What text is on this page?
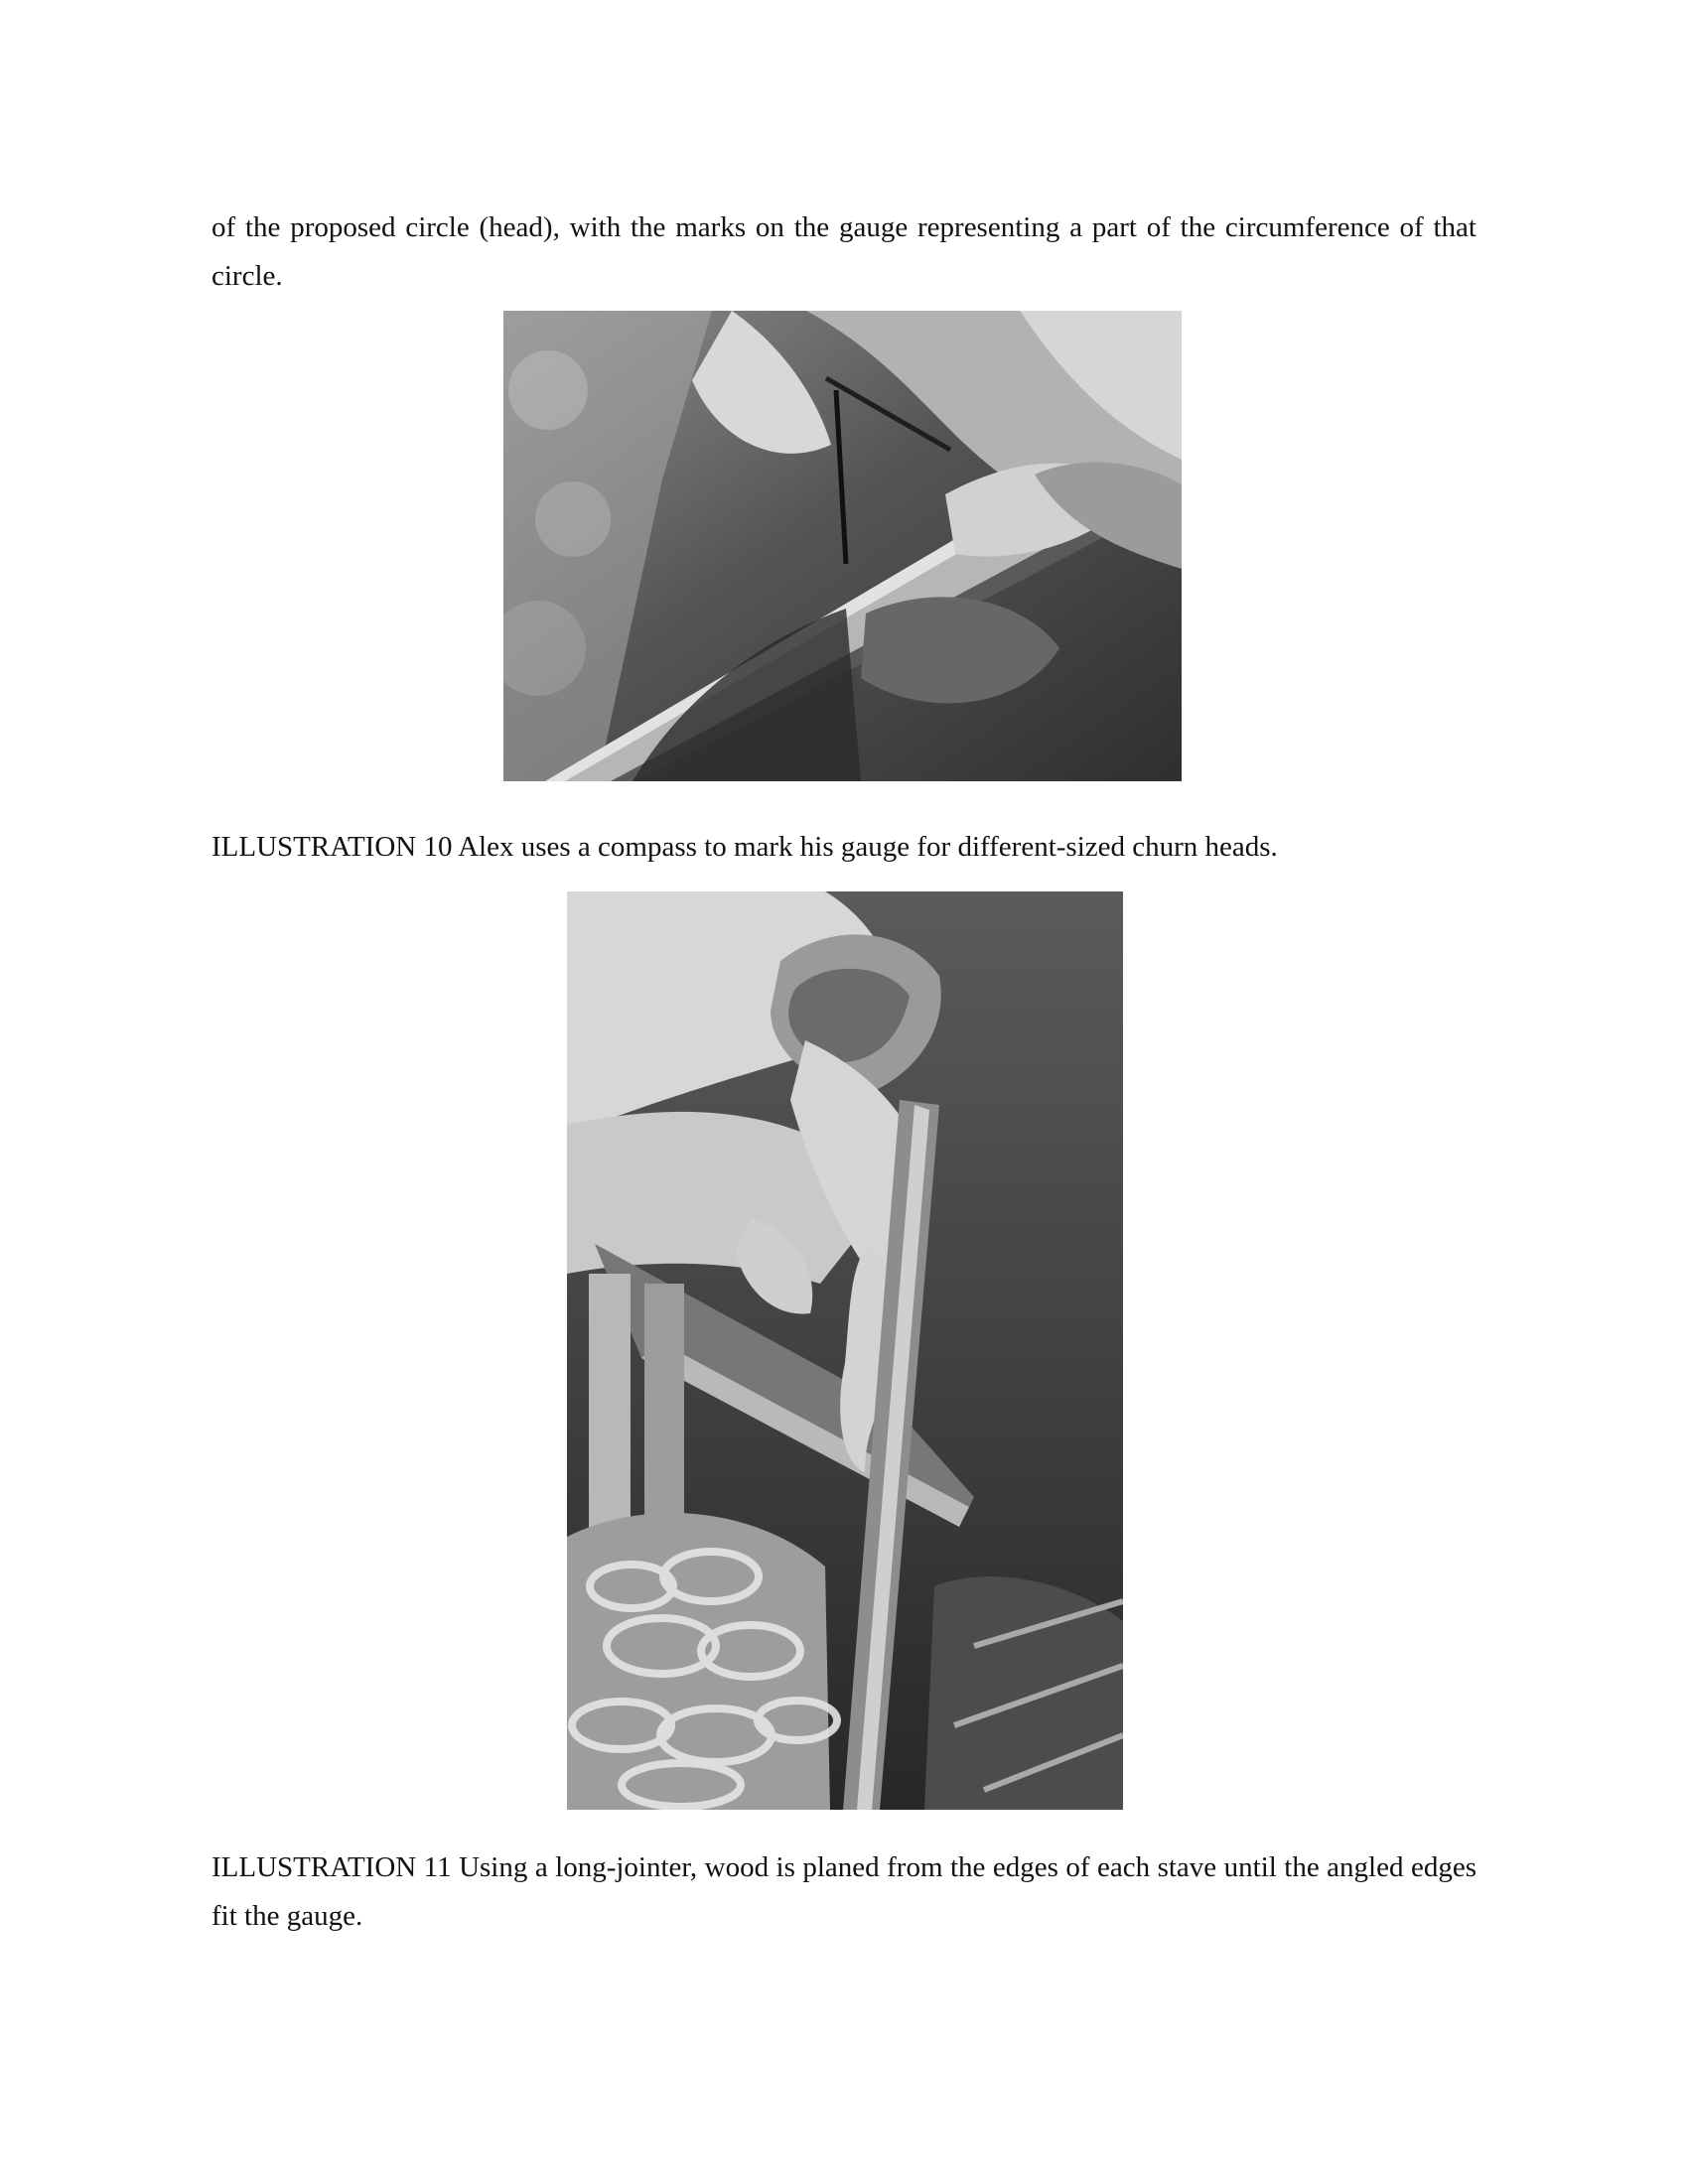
of the proposed circle (head), with the marks on the gauge representing a part of the circumference of that circle.

ILLUSTRATION 10 Alex uses a compass to mark his gauge for different-sized churn heads.

ILLUSTRATION 11 Using a long-jointer, wood is planed from the edges of each stave until the angled edges fit the gauge.
